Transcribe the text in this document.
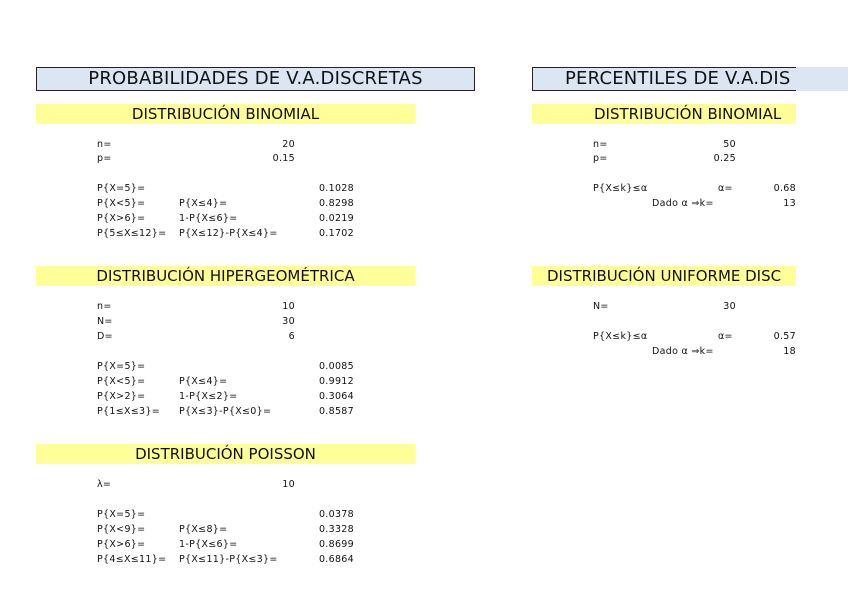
PROBABILIDADES DE V.A.DISCRETAS
DISTRIBUCIÓN BINOMIAL
n=	20
p=	0.15
P{X=5}=	0.1028
P{X<5}=	P{X≤4}=	0.8298
P{X>6}=	1-P{X≤6}=	0.0219
P{5≤X≤12}= P{X≤12}-P{X≤4}=	0.1702
DISTRIBUCIÓN HIPERGEOMÉTRICA
n=	10
N=	30
D=	6
P{X=5}=	0.0085
P{X<5}=	P{X≤4}=	0.9912
P{X>2}=	1-P{X≤2}=	0.3064
P{1≤X≤3}= P{X≤3}-P{X≤0}=	0.8587
DISTRIBUCIÓN POISSON
λ=	10
P{X=5}=	0.0378
P{X<9}=	P{X≤8}=	0.3328
P{X>6}=	1-P{X≤6}=	0.8699
P{4≤X≤11}= P{X≤11}-P{X≤3}=	0.6864
PERCENTILES DE V.A.DIS
DISTRIBUCIÓN BINOMIAL
n=	50
p=	0.25
P{X≤k}≤α	α=	0.68
Dado α ⇒k=	13
DISTRIBUCIÓN UNIFORME DISC
N=	30
P{X≤k}≤α	α=	0.57
Dado α ⇒k=	18
